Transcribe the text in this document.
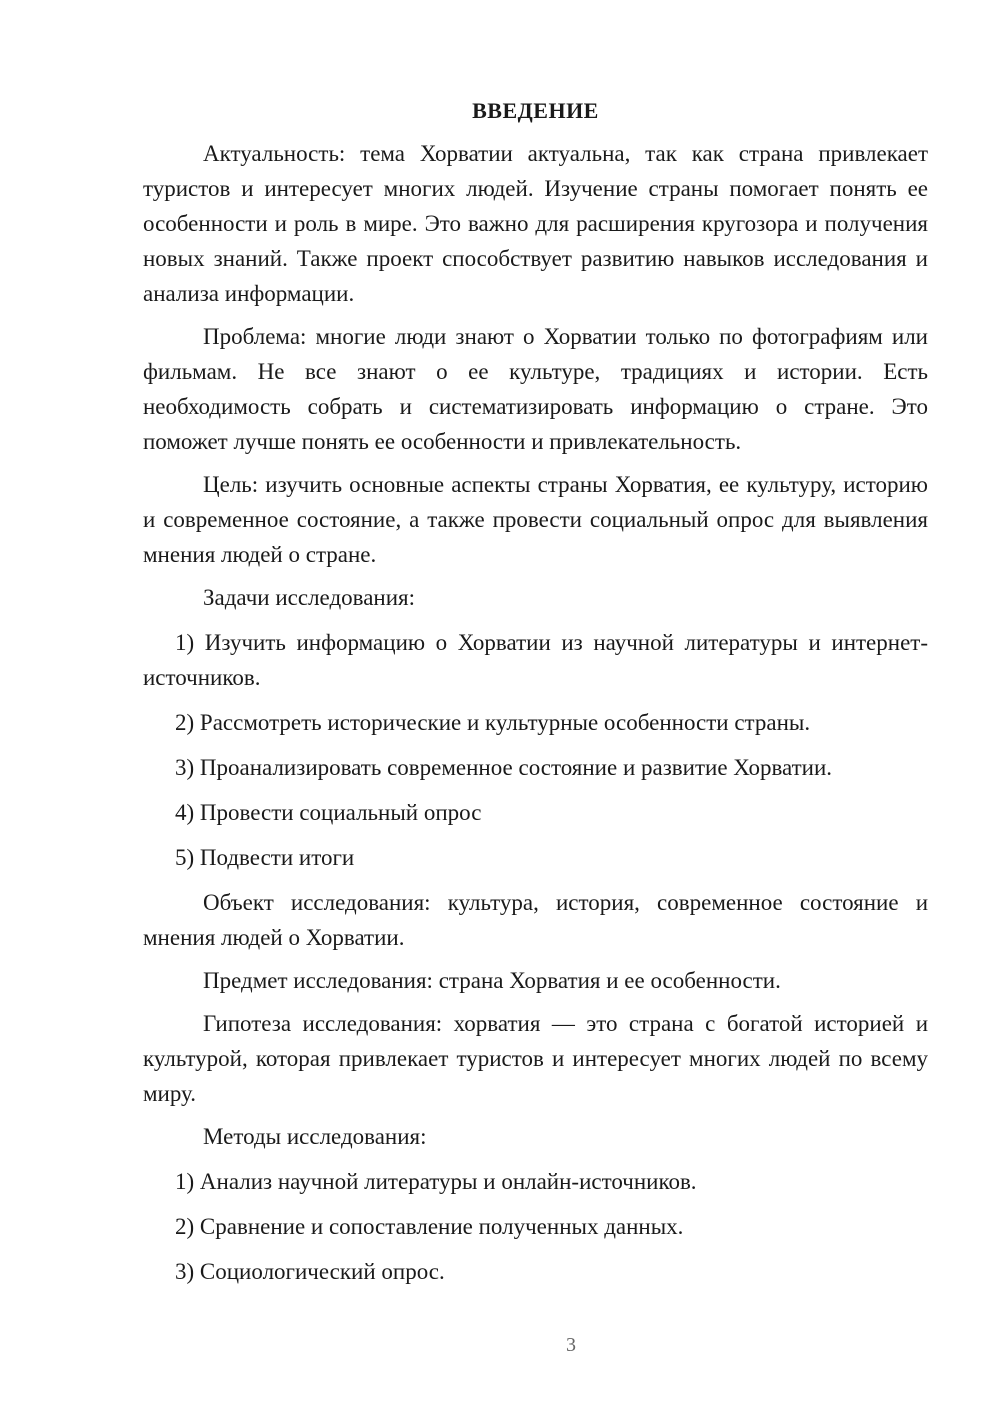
ВВЕДЕНИЕ

Актуальность: тема Хорватии актуальна, так как страна привлекает туристов и интересует многих людей. Изучение страны помогает понять ее особенности и роль в мире. Это важно для расширения кругозора и получения новых знаний. Также проект способствует развитию навыков исследования и анализа информации.

Проблема: многие люди знают о Хорватии только по фотографиям или фильмам. Не все знают о ее культуре, традициях и истории. Есть необходимость собрать и систематизировать информацию о стране. Это поможет лучше понять ее особенности и привлекательность.

Цель: изучить основные аспекты страны Хорватия, ее культуру, историю и современное состояние, а также провести социальный опрос для выявления мнения людей о стране.

Задачи исследования:

1) Изучить информацию о Хорватии из научной литературы и интернет-источников.

2) Рассмотреть исторические и культурные особенности страны.

3) Проанализировать современное состояние и развитие Хорватии.

4) Провести социальный опрос

5) Подвести итоги

Объект исследования: культура, история, современное состояние и мнения людей о Хорватии.

Предмет исследования: страна Хорватия и ее особенности.

Гипотеза исследования: хорватия — это страна с богатой историей и культурой, которая привлекает туристов и интересует многих людей по всему миру.

Методы исследования:

1) Анализ научной литературы и онлайн-источников.

2) Сравнение и сопоставление полученных данных.

3) Социологический опрос.

3
